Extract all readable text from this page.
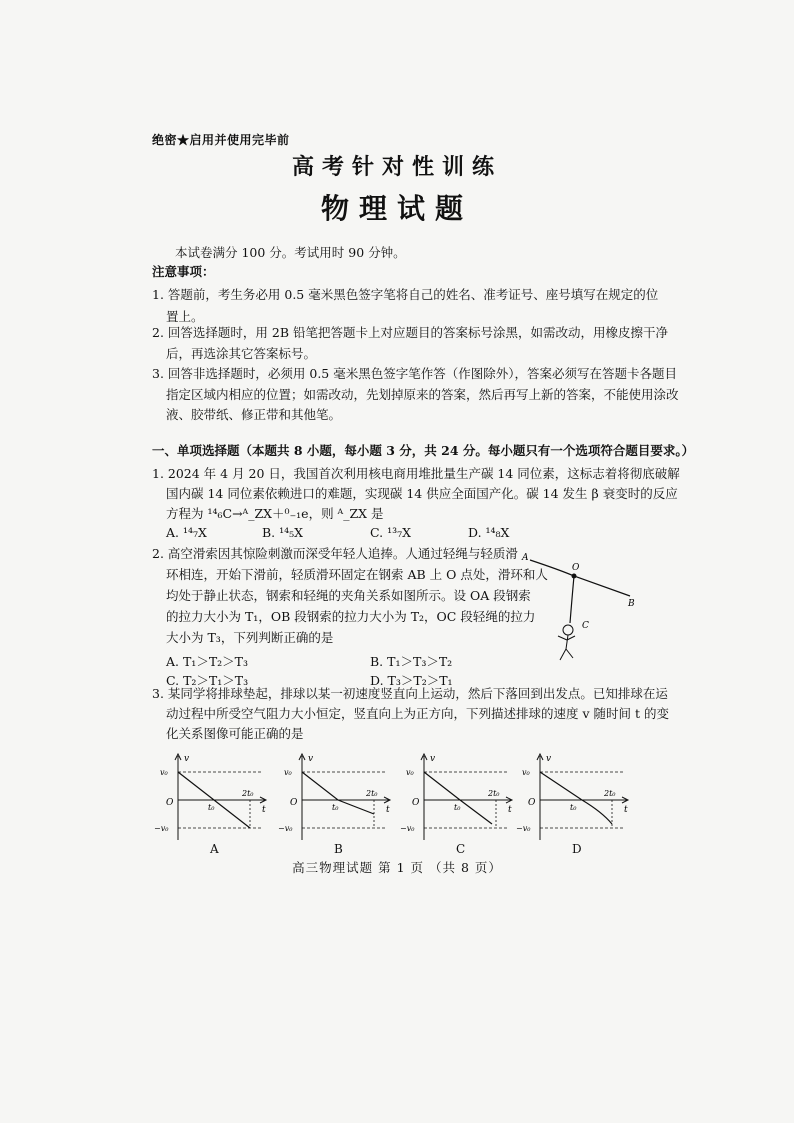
绝密★启用并使用完毕前
高考针对性训练
物理试题
本试卷满分 100 分。考试用时 90 分钟。
注意事项：
1. 答题前，考生务必用 0.5 毫米黑色签字笔将自己的姓名、准考证号、座号填写在规定的位
置上。
2. 回答选择题时，用 2B 铅笔把答题卡上对应题目的答案标号涂黑，如需改动，用橡皮擦干净
后，再选涂其它答案标号。
3. 回答非选择题时，必须用 0.5 毫米黑色签字笔作答（作图除外），答案必须写在答题卡各题目
指定区域内相应的位置；如需改动，先划掉原来的答案，然后再写上新的答案，不能使用涂改
液、胶带纸、修正带和其他笔。
一、单项选择题（本题共 8 小题，每小题 3 分，共 24 分。每小题只有一个选项符合题目要求。）
1. 2024 年 4 月 20 日，我国首次利用核电商用堆批量生产碳 14 同位素，这标志着将彻底破解
国内碳 14 同位素依赖进口的难题，实现碳 14 供应全面国产化。碳 14 发生 β 衰变时的反应
方程为 ¹⁴₆C→ᴬ_ZX＋⁰₋₁e，则 ᴬ_ZX 是
A. ¹⁴₇X	B. ¹⁴₅X	C. ¹³₇X	D. ¹⁴₈X
2. 高空滑索因其惊险刺激而深受年轻人追捧。人通过轻绳与轻质滑
环相连，开始下滑前，轻质滑环固定在钢索 AB 上 O 点处，滑环和人
均处于静止状态，钢索和轻绳的夹角关系如图所示。设 OA 段钢索
的拉力大小为 T₁，OB 段钢索的拉力大小为 T₂，OC 段轻绳的拉力
大小为 T₃，下列判断正确的是
A. T₁＞T₂＞T₃	B. T₁＞T₃＞T₂
C. T₂＞T₁＞T₃	D. T₃＞T₂＞T₁
A
O
B
C
3. 某同学将排球垫起，排球以某一初速度竖直向上运动，然后下落回到出发点。已知排球在运
动过程中所受空气阻力大小恒定，竖直向上为正方向，下列描述排球的速度 v 随时间 t 的变
化关系图像可能正确的是
v
t
O
v₀
−v₀
t₀
2t₀
A
v
t
O
v₀
−v₀
t₀
2t₀
B
v
t
O
v₀
−v₀
t₀
2t₀
C
v
t
O
v₀
−v₀
t₀
2t₀
D
高三物理试题 第 1 页 （共 8 页）
